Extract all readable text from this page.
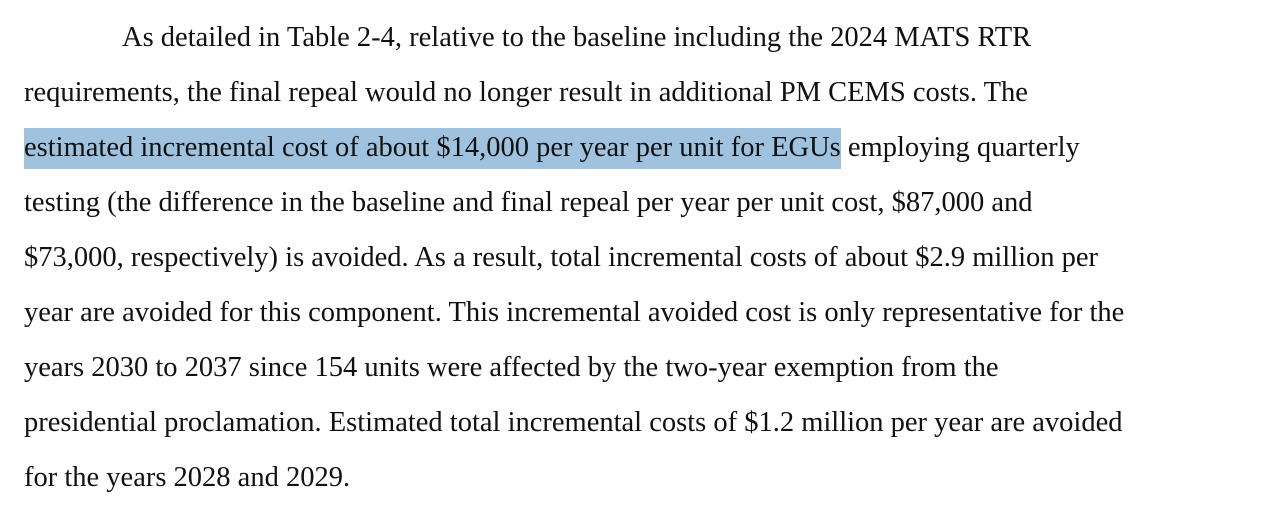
As detailed in Table 2-4, relative to the baseline including the 2024 MATS RTR
requirements, the final repeal would no longer result in additional PM CEMS costs. The
estimated incremental cost of about $14,000 per year per unit for EGUs employing quarterly
testing (the difference in the baseline and final repeal per year per unit cost, $87,000 and
$73,000, respectively) is avoided. As a result, total incremental costs of about $2.9 million per
year are avoided for this component. This incremental avoided cost is only representative for the
years 2030 to 2037 since 154 units were affected by the two-year exemption from the
presidential proclamation. Estimated total incremental costs of $1.2 million per year are avoided
for the years 2028 and 2029.
